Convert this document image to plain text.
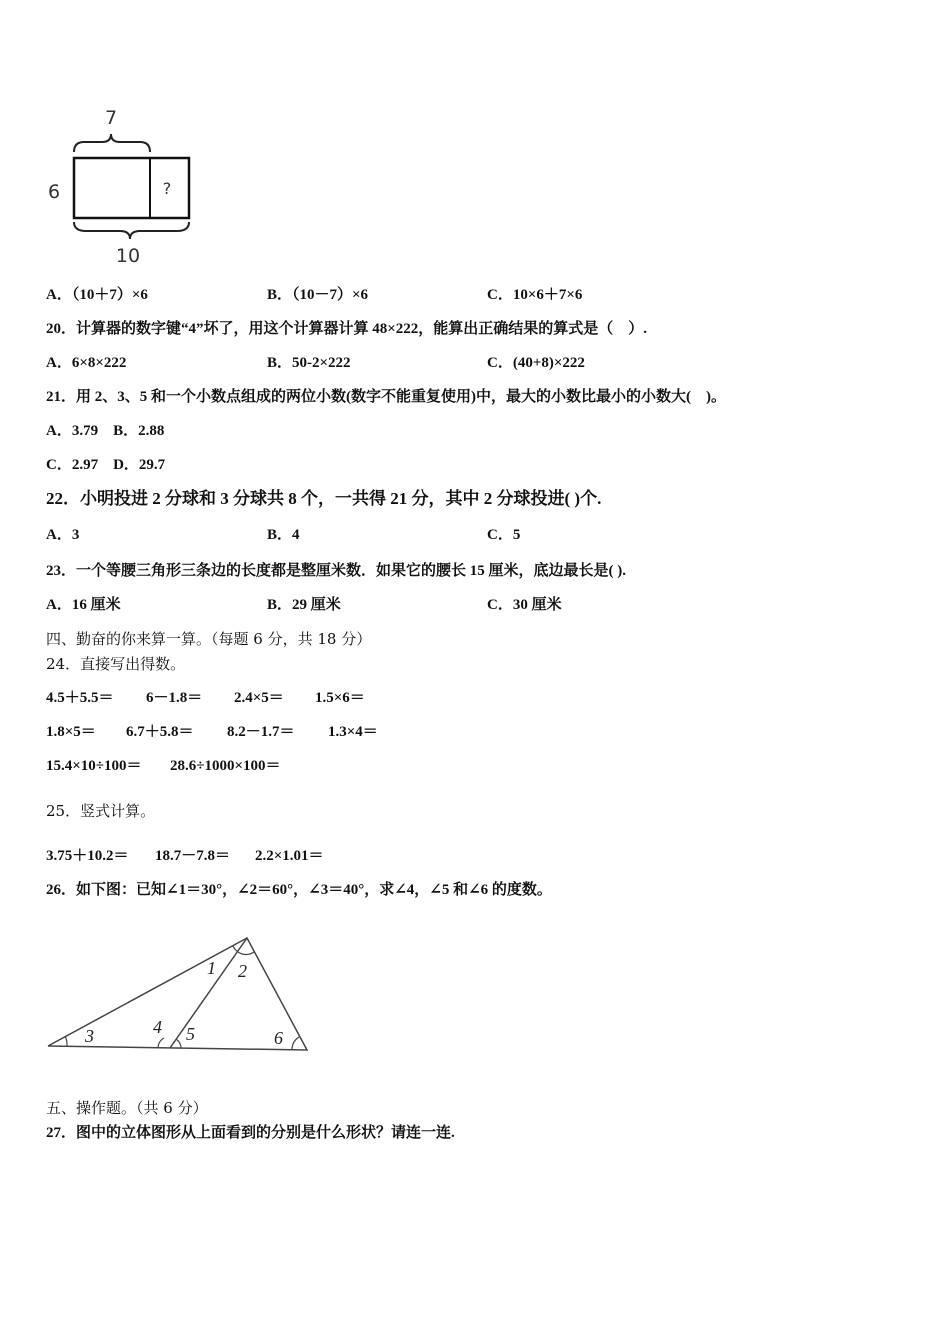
7
?
6
10
A．（10＋7）×6	B．（10－7）×6	C．10×6＋7×6
20．计算器的数字键“4”坏了，用这个计算器计算 48×222，能算出正确结果的算式是（　）.
A．6×8×222	B．50-2×222	C．(40+8)×222
21．用 2、3、5 和一个小数点组成的两位小数(数字不能重复使用)中，最大的小数比最小的小数大(　)。
A．3.79　B．2.88
C．2.97　D．29.7
22．小明投进 2 分球和 3 分球共 8 个，一共得 21 分，其中 2 分球投进( )个.
A．3	B．4	C．5
23．一个等腰三角形三条边的长度都是整厘米数．如果它的腰长 15 厘米，底边最长是( ).
A．16 厘米	B．29 厘米	C．30 厘米
四、勤奋的你来算一算。（每题 6 分，共 18 分）
24．直接写出得数。
4.5＋5.5＝ 6－1.8＝ 2.4×5＝ 1.5×6＝
1.8×5＝ 6.7＋5.8＝ 8.2－1.7＝ 1.3×4＝
15.4×10÷100＝ 28.6÷1000×100＝
25．竖式计算。
3.75＋10.2＝ 18.7－7.8＝ 2.2×1.01＝
26．如下图：已知∠1＝30°，∠2＝60°，∠3＝40°，求∠4，∠5 和∠6 的度数。
1 2
3	4 5	6
五、操作题。（共 6 分）
27．图中的立体图形从上面看到的分别是什么形状？请连一连.
